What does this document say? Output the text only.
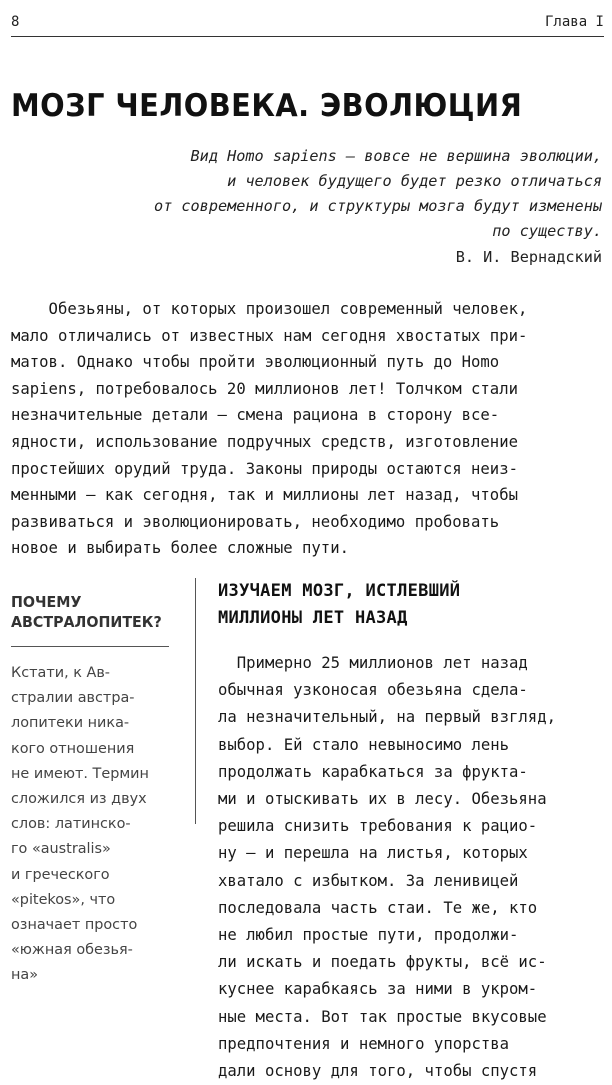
8	Глава I
МОЗГ ЧЕЛОВЕКА. ЭВОЛЮЦИЯ
Вид Homo sapiens — вовсе не вершина эволюции,
и человек будущего будет резко отличаться
от современного, и структуры мозга будут изменены
по существу.
В. И. Вернадский
Обезьяны, от которых произошел современный человек,
мало отличались от известных нам сегодня хвостатых при-
матов. Однако чтобы пройти эволюционный путь до Homo
sapiens, потребовалось 20 миллионов лет! Толчком стали
незначительные детали — смена рациона в сторону все-
ядности, использование подручных средств, изготовление
простейших орудий труда. Законы природы остаются неиз-
менными — как сегодня, так и миллионы лет назад, чтобы
развиваться и эволюционировать, необходимо пробовать
новое и выбирать более сложные пути.
ПОЧЕМУ
АВСТРАЛОПИТЕК?
Кстати, к Ав-
стралии австра-
лопитеки ника-
кого отношения
не имеют. Термин
сложился из двух
слов: латинско-
го «australis»
и греческого
«pitekos», что
означает просто
«южная обезья-
на»
ИЗУЧАЕМ МОЗГ, ИСТЛЕВШИЙ
МИЛЛИОНЫ ЛЕТ НАЗАД
Примерно 25 миллионов лет назад
обычная узконосая обезьяна сдела-
ла незначительный, на первый взгляд,
выбор. Ей стало невыносимо лень
продолжать карабкаться за фрукта-
ми и отыскивать их в лесу. Обезьяна
решила снизить требования к рацио-
ну — и перешла на листья, которых
хватало с избытком. За ленивицей
последовала часть стаи. Те же, кто
не любил простые пути, продолжи-
ли искать и поедать фрукты, всё ис-
куснее карабкаясь за ними в укром-
ные места. Вот так простые вкусовые
предпочтения и немного упорства
дали основу для того, чтобы спустя
